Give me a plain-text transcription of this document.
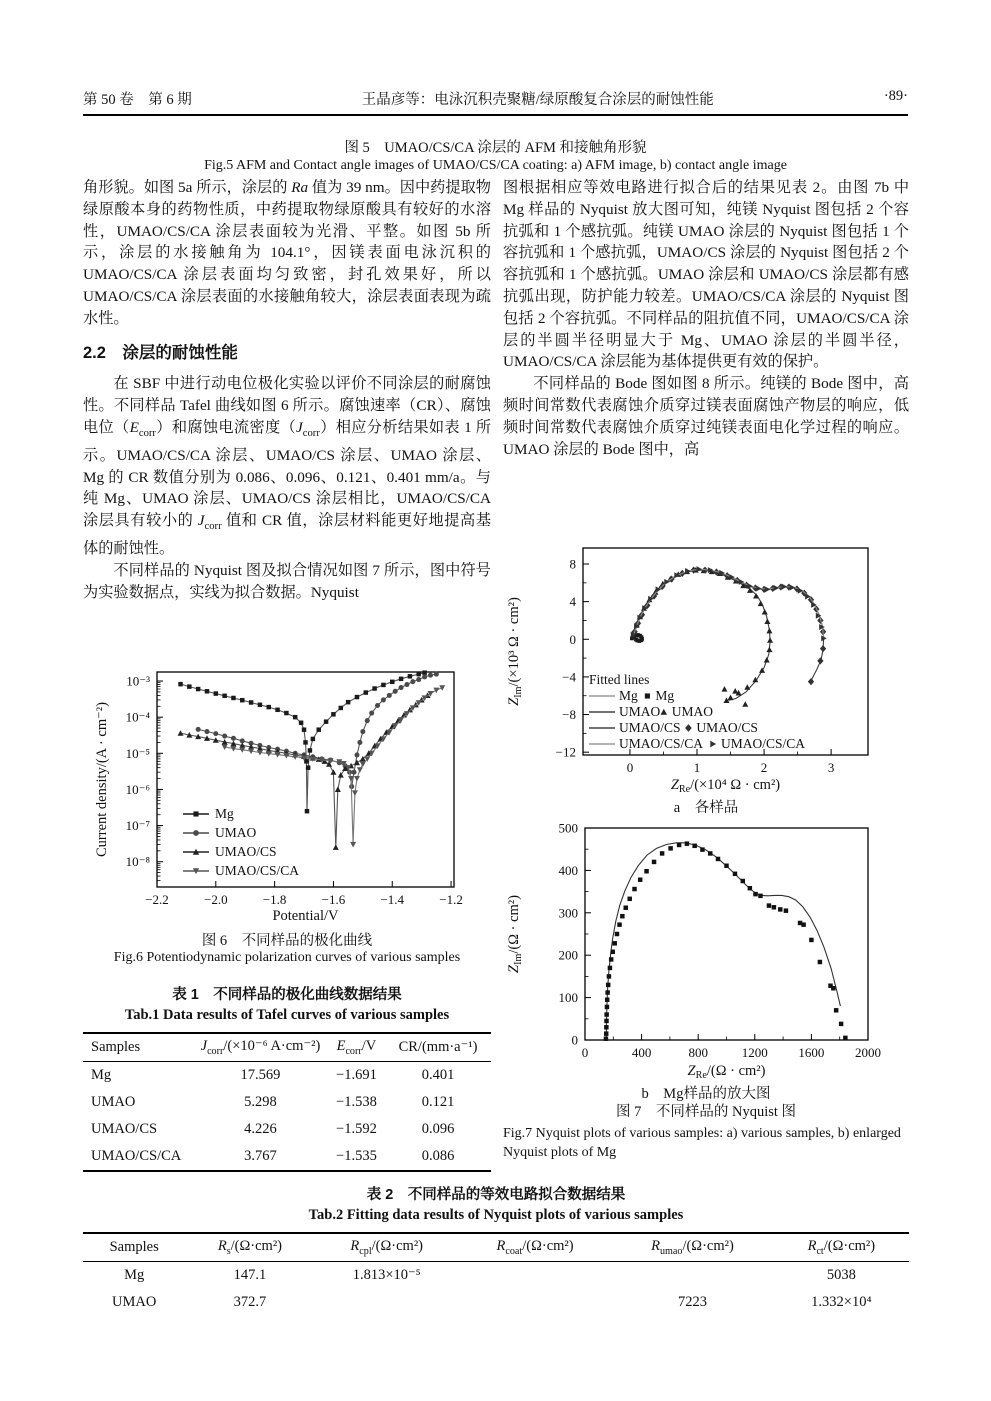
第 50 卷　第 6 期	王晶彦等：电泳沉积壳聚糖/绿原酸复合涂层的耐蚀性能	·89·
图 5　UMAO/CS/CA 涂层的 AFM 和接触角形貌
Fig.5 AFM and Contact angle images of UMAO/CS/CA coating: a) AFM image, b) contact angle image

角形貌。如图 5a 所示，涂层的 Ra 值为 39 nm。因中药提取物绿原酸本身的药物性质，中药提取物绿原酸具有较好的水溶性，UMAO/CS/CA 涂层表面较为光滑、平整。如图 5b 所示，涂层的水接触角为 104.1°，因镁表面电泳沉积的 UMAO/CS/CA 涂层表面均匀致密，封孔效果好，所以 UMAO/CS/CA 涂层表面的水接触角较大，涂层表面表现为疏水性。

2.2　涂层的耐蚀性能

在 SBF 中进行动电位极化实验以评价不同涂层的耐腐蚀性。不同样品 Tafel 曲线如图 6 所示。腐蚀速率（CR）、腐蚀电位$(E_{corr})$和腐蚀电流密度$(J_{corr})$相应分析结果如表 1 所示。UMAO/CS/CA 涂层、UMAO/CS 涂层、UMAO 涂层、Mg 的 CR 数值分别为 0.086、0.096、0.121、0.401 mm/a。与纯 Mg、UMAO 涂层、UMAO/CS 涂层相比，UMAO/CS/CA 涂层具有较小的 $J_{corr}$ 值和 CR 值，涂层材料能更好地提高基体的耐蚀性。

不同样品的 Nyquist 图及拟合情况如图 7 所示，图中符号为实验数据点，实线为拟合数据。Nyquist

−2.2	−2.0	−1.8	−1.6	−1.4	−1.2
10⁻³
10⁻⁴
10⁻⁵
10⁻⁶
10⁻⁷
10⁻⁸
Potential/V
Current density/(A · cm⁻²)	Mg
UMAO
UMAO/CS
UMAO/CS/CA
图 6　不同样品的极化曲线
Fig.6 Potentiodynamic polarization curves of various samples
表 1　不同样品的极化曲线数据结果
Tab.1 Data results of Tafel curves of various samples
Samples	$J_{corr}/(\times 10^{-6}$ A·cm⁻²)	$E_{corr}/V$	CR/(mm·a⁻¹)
Mg	17.569	−1.691	0.401
UMAO	5.298	−1.538	0.121
UMAO/CS	4.226	−1.592	0.096
UMAO/CS/CA	3.767	−1.535	0.086

图根据相应等效电路进行拟合后的结果见表 2。由图 7b 中 Mg 样品的 Nyquist 放大图可知，纯镁 Nyquist 图包括 2 个容抗弧和 1 个感抗弧。纯镁 UMAO 涂层的 Nyquist 图包括 1 个容抗弧和 1 个感抗弧，UMAO/CS 涂层的 Nyquist 图包括 2 个容抗弧和 1 个感抗弧。UMAO 涂层和 UMAO/CS 涂层都有感抗弧出现，防护能力较差。UMAO/CS/CA 涂层的 Nyquist 图包括 2 个容抗弧。不同样品的阻抗值不同，UMAO/CS/CA 涂层的半圆半径明显大于 Mg、UMAO 涂层的半圆半径，UMAO/CS/CA 涂层能为基体提供更有效的保护。

不同样品的 Bode 图如图 8 所示。纯镁的 Bode 图中，高频时间常数代表腐蚀介质穿过镁表面腐蚀产物层的响应，低频时间常数代表腐蚀介质穿过纯镁表面电化学过程的响应。UMAO 涂层的 Bode 图中，高

0	1	2	3
8
4
0
−4
−8
−12
$Z_{Re}/(\times 10^4$ Ω · cm²)
$Z_{Im}/(\times 10^3$ Ω · cm²)	Fitted lines
Mg Mg
UMAO UMAO
UMAO/CS UMAO/CS
UMAO/CS/CA UMAO/CS/CA
a　各样品
0	400	800	1200 1600 2000
0
100
200
300
400
500
$Z_{Re}/(\Omega \cdot cm^2)$
$Z_{Im}/(\Omega \cdot cm^2)$
b　Mg样品的放大图
图 7　不同样品的 Nyquist 图
Fig.7 Nyquist plots of various samples: a) various samples, b) enlarged Nyquist plots of Mg
表 2　不同样品的等效电路拟合数据结果
Tab.2 Fitting data results of Nyquist plots of various samples
Samples	$R_s/(\Omega\cdot cm^2)$	$R_{cpl}/(\Omega\cdot cm^2)$	$R_{coat}/(\Omega\cdot cm^2)$	$R_{umao}/(\Omega\cdot cm^2)$	$R_{ct}/(\Omega\cdot cm^2)$
Mg	147.1	1.813×10⁻⁵			5038
UMAO	372.7			7223	1.332×10⁴
